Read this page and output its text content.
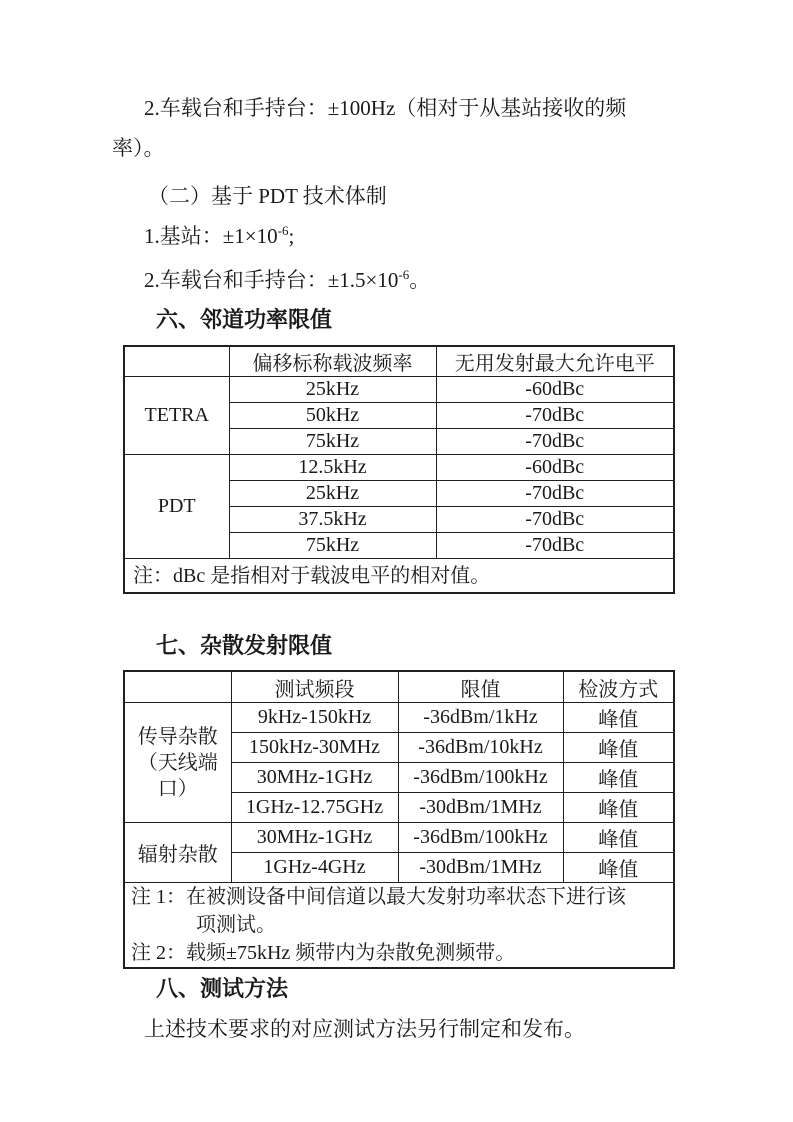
2.车载台和手持台：±100Hz（相对于从基站接收的频
率）。
（二）基于 PDT 技术体制
1.基站：$\pm 1\times 10^{-6}$;
2.车载台和手持台：$\pm 1.5\times 10^{-6}$。
六、邻道功率限值
	偏移标称载波频率	无用发射最大允许电平
TETRA	25kHz	-60dBc
	50kHz	-70dBc
	75kHz	-70dBc
PDT	12.5kHz	-60dBc
	25kHz	-70dBc
	37.5kHz	-70dBc
	75kHz	-70dBc
注：dBc 是指相对于载波电平的相对值。		
七、杂散发射限值
	测试频段	限值	检波方式

传导杂散（天线端口）	9kHz-150kHz	-36dBm/1kHz	峰值
	150kHz-30MHz	-36dBm/10kHz	峰值
	30MHz-1GHz	-36dBm/100kHz	峰值
	1GHz-12.75GHz	-30dBm/1MHz	峰值
辐射杂散	30MHz-1GHz	-36dBm/100kHz	峰值
	1GHz-4GHz	-30dBm/1MHz	峰值

注 1：在被测设备中间信道以最大发射功率状态下进行该
项测试。
注 2：载频±75kHz 频带内为杂散免测频带。			
八、测试方法
上述技术要求的对应测试方法另行制定和发布。
